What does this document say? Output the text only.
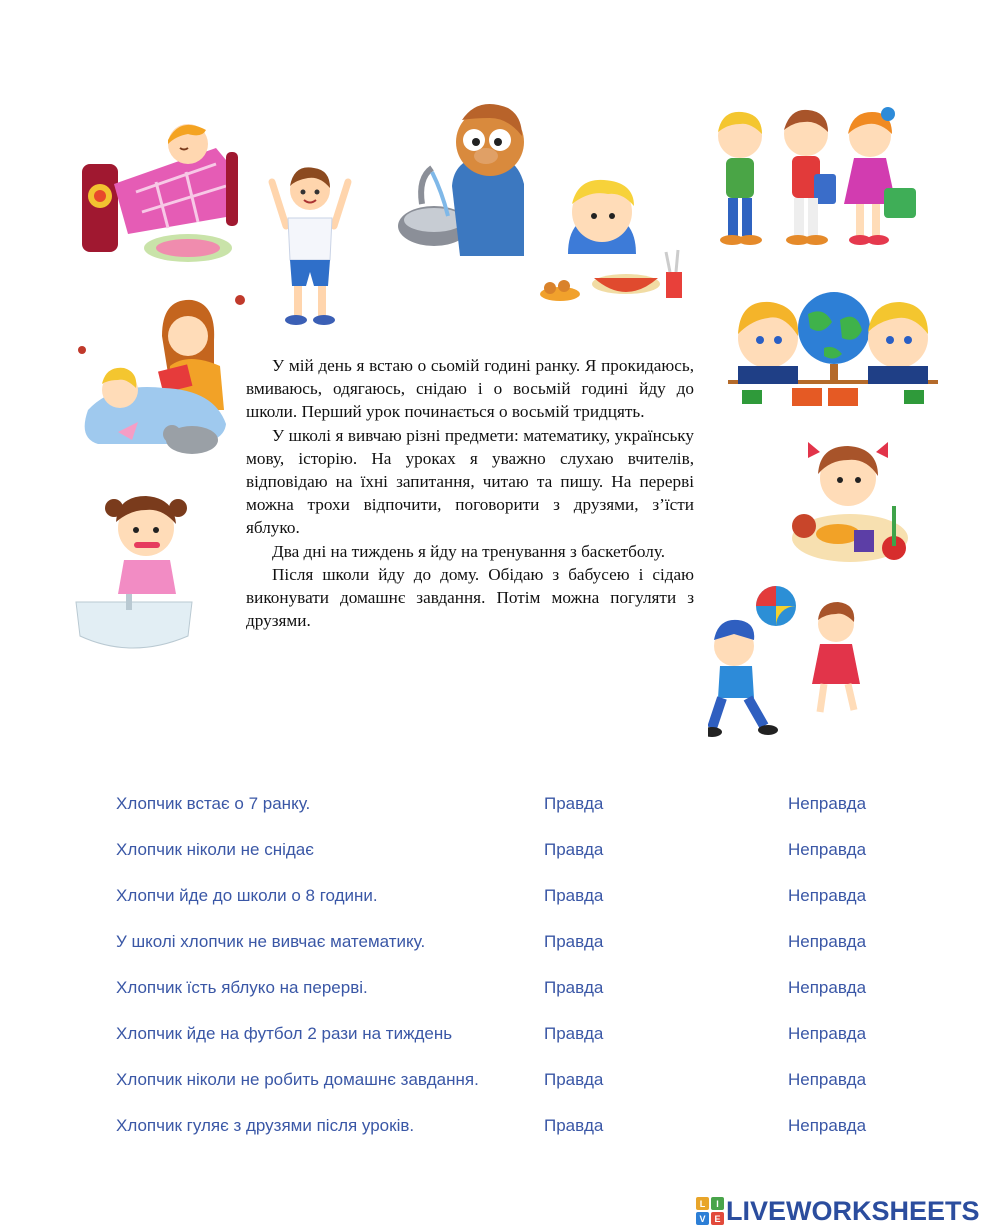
У мій день я встаю о сьомій годині ранку. Я прокидаюсь, вмиваюсь, одягаюсь, снідаю і о восьмій годині йду до школи. Перший урок починається о восьмій тридцять.

У школі я вивчаю різні предмети: математику, українську мову, історію. На уроках я уважно слухаю вчителів, відповідаю на їхні запитання, читаю та пишу. На перерві можна трохи відпочити, поговорити з друзями, з’їсти яблуко.

Два дні на тиждень я йду на тренування з баскетболу.

Після школи йду до дому. Обідаю з бабусею і сідаю виконувати домашнє завдання. Потім можна погуляти з друзями.

Хлопчик встає о 7 ранку.	Правда	Неправда
Хлопчик ніколи не снідає	Правда	Неправда
Хлопчи йде до школи о 8 години.	Правда	Неправда
У школі хлопчик не вивчає математику.	Правда	Неправда
Хлопчик їсть яблуко на перерві.	Правда	Неправда
Хлопчик йде на футбол 2 рази на тиждень	Правда	Неправда
Хлопчик ніколи не робить домашнє завдання.	Правда	Неправда
Хлопчик гуляє з друзями після уроків.	Правда	Неправда
L I
V E LIVEWORKSHEETS
